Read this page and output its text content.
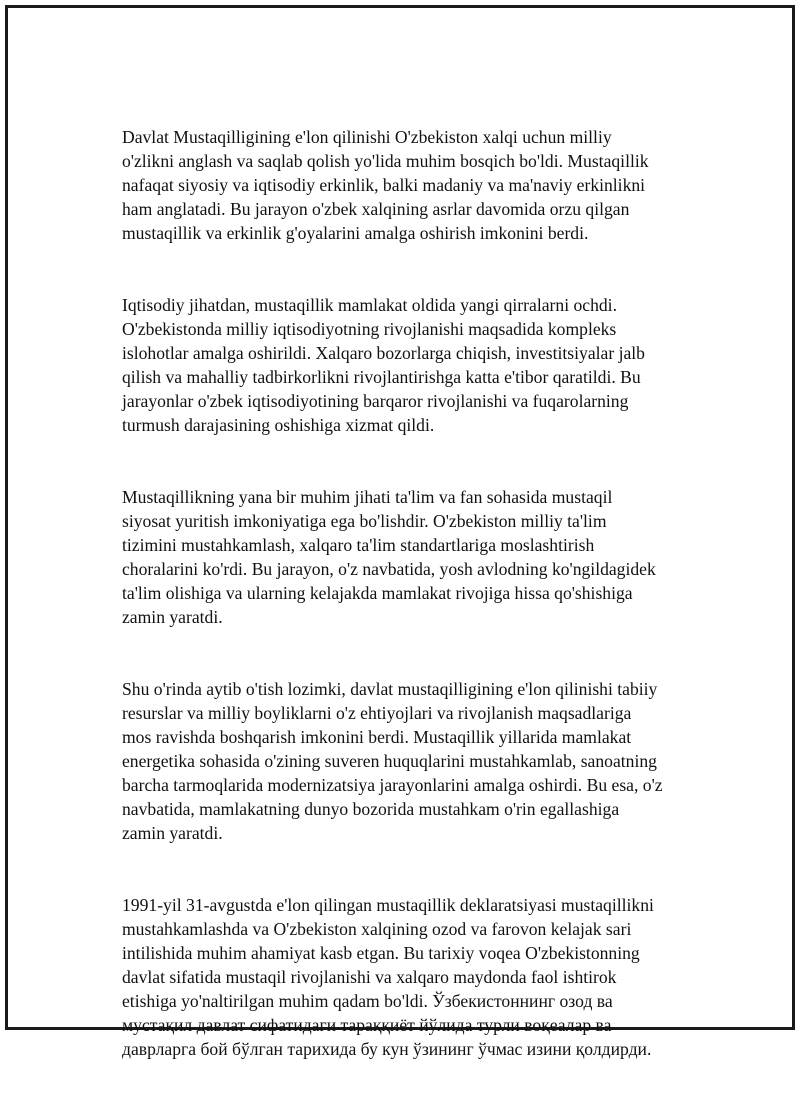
Davlat Mustaqilligining e'lon qilinishi O'zbekiston xalqi uchun milliy
o'zlikni anglash va saqlab qolish yo'lida muhim bosqich bo'ldi. Mustaqillik
nafaqat siyosiy va iqtisodiy erkinlik, balki madaniy va ma'naviy erkinlikni
ham anglatadi. Bu jarayon o'zbek xalqining asrlar davomida orzu qilgan
mustaqillik va erkinlik g'oyalarini amalga oshirish imkonini berdi.

Iqtisodiy jihatdan, mustaqillik mamlakat oldida yangi qirralarni ochdi.
O'zbekistonda milliy iqtisodiyotning rivojlanishi maqsadida kompleks
islohotlar amalga oshirildi. Xalqaro bozorlarga chiqish, investitsiyalar jalb
qilish va mahalliy tadbirkorlikni rivojlantirishga katta e'tibor qaratildi. Bu
jarayonlar o'zbek iqtisodiyotining barqaror rivojlanishi va fuqarolarning
turmush darajasining oshishiga xizmat qildi.

Mustaqillikning yana bir muhim jihati ta'lim va fan sohasida mustaqil
siyosat yuritish imkoniyatiga ega bo'lishdir. O'zbekiston milliy ta'lim
tizimini mustahkamlash, xalqaro ta'lim standartlariga moslashtirish
choralarini ko'rdi. Bu jarayon, o'z navbatida, yosh avlodning ko'ngildagidek
ta'lim olishiga va ularning kelajakda mamlakat rivojiga hissa qo'shishiga
zamin yaratdi.

Shu o'rinda aytib o'tish lozimki, davlat mustaqilligining e'lon qilinishi tabiiy
resurslar va milliy boyliklarni o'z ehtiyojlari va rivojlanish maqsadlariga
mos ravishda boshqarish imkonini berdi. Mustaqillik yillarida mamlakat
energetika sohasida o'zining suveren huquqlarini mustahkamlab, sanoatning
barcha tarmoqlarida modernizatsiya jarayonlarini amalga oshirdi. Bu esa, o'z
navbatida, mamlakatning dunyo bozorida mustahkam o'rin egallashiga
zamin yaratdi.

1991-yil 31-avgustda e'lon qilingan mustaqillik deklaratsiyasi mustaqillikni
mustahkamlashda va O'zbekiston xalqining ozod va farovon kelajak sari
intilishida muhim ahamiyat kasb etgan. Bu tarixiy voqea O'zbekistonning
davlat sifatida mustaqil rivojlanishi va xalqaro maydonda faol ishtirok
etishiga yo'naltirilgan muhim qadam bo'ldi. Ўзбекистоннинг озод ва
мустақил давлат сифатидаги тараққиёт йўлида турли воқеалар ва
даврларга бой бўлган тарихида бу кун ўзининг ўчмас изини қолдирди.
